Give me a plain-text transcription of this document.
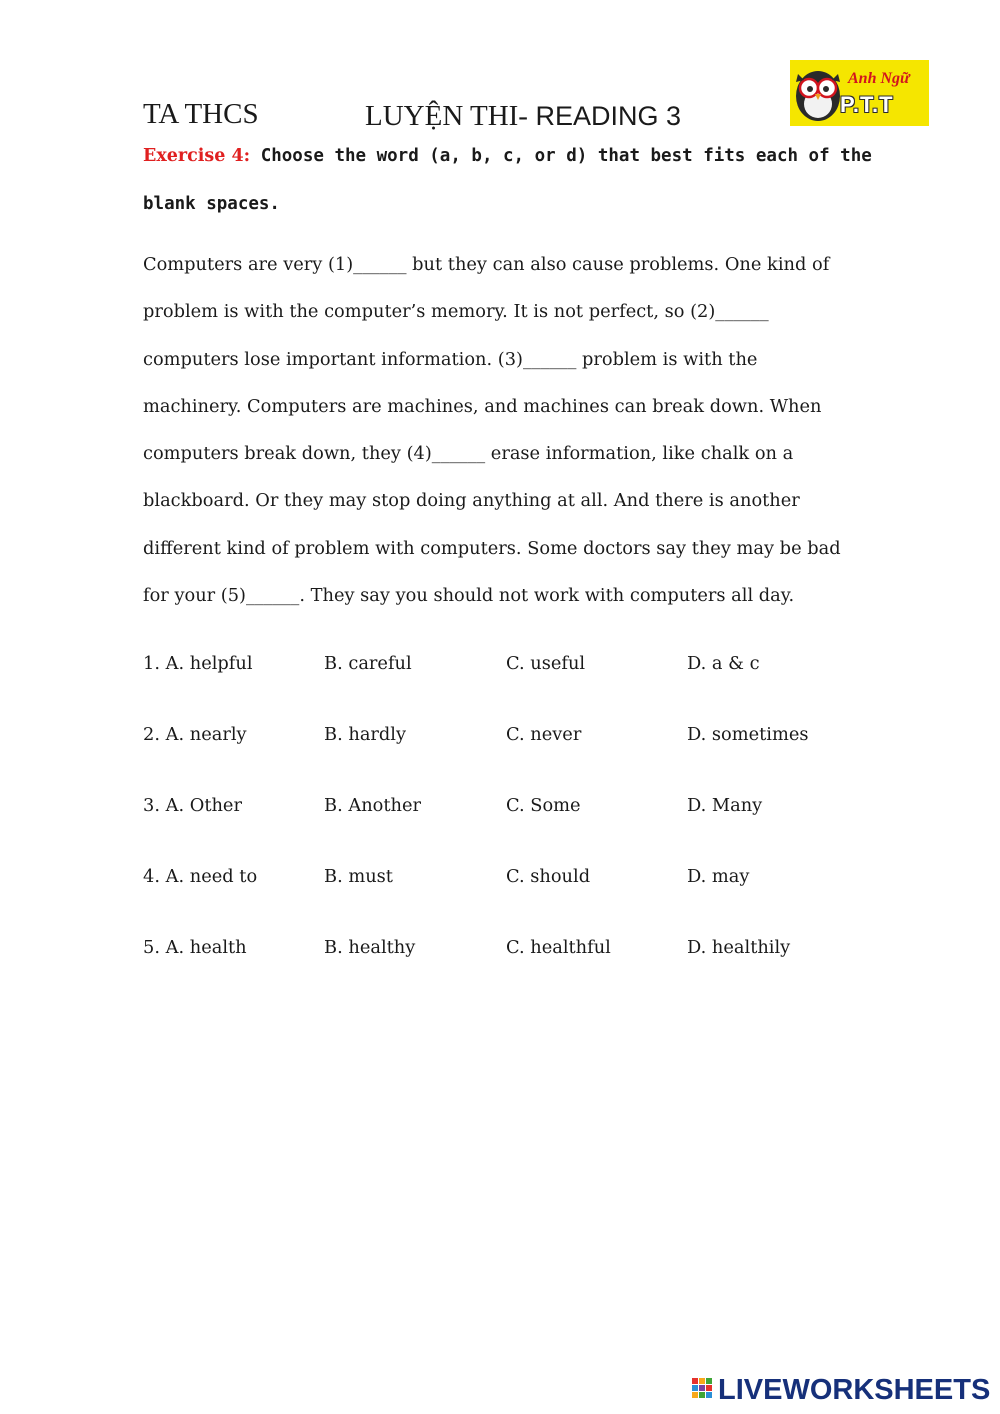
TA THCS	LUYỆN THI- READING 3
Anh Ngữ
P.T.T
Exercise 4: Choose the word (a, b, c, or d) that best fits each of the blank spaces.
Computers are very (1)______ but they can also cause problems. One kind of
problem is with the computer’s memory. It is not perfect, so (2)______
computers lose important information. (3)______ problem is with the
machinery. Computers are machines, and machines can break down. When
computers break down, they (4)______ erase information, like chalk on a
blackboard. Or they may stop doing anything at all. And there is another
different kind of problem with computers. Some doctors say they may be bad
for your (5)______. They say you should not work with computers all day.
1. A. helpful	B. careful	C. useful	D. a & c
2. A. nearly	B. hardly	C. never	D. sometimes
3. A. Other	B. Another	C. Some	D. Many
4. A. need to	B. must	C. should	D. may
5. A. health	B. healthy	C. healthful	D. healthily
LIVEWORKSHEETS
